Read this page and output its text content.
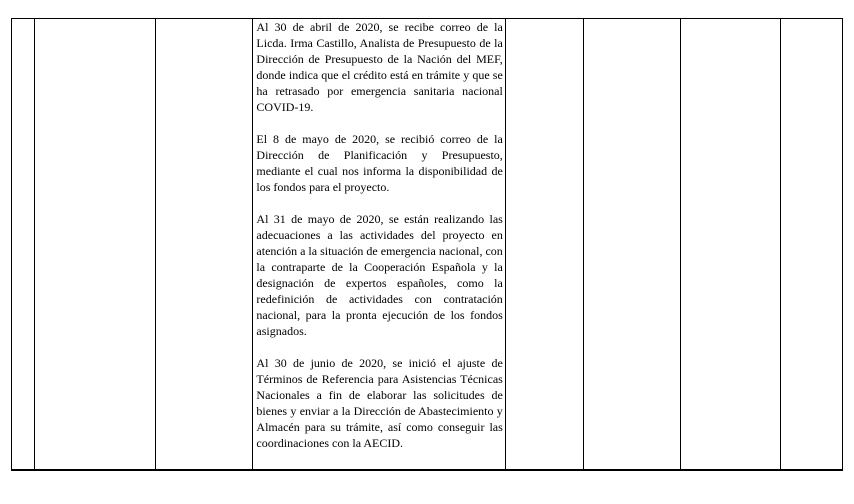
Al 30 de abril de 2020, se recibe correo de la Licda. Irma Castillo, Analista de Presupuesto de la Dirección de Presupuesto de la Nación del MEF, donde indica que el crédito está en trámite y que se ha retrasado por emergencia sanitaria nacional COVID-19.

El 8 de mayo de 2020, se recibió correo de la Dirección de Planificación y Presupuesto, mediante el cual nos informa la disponibilidad de los fondos para el proyecto.

Al 31 de mayo de 2020, se están realizando las adecuaciones a las actividades del proyecto en atención a la situación de emergencia nacional, con la contraparte de la Cooperación Española y la designación de expertos españoles, como la redefinición de actividades con contratación nacional, para la pronta ejecución de los fondos asignados.

Al 30 de junio de 2020, se inició el ajuste de Términos de Referencia para Asistencias Técnicas Nacionales a fin de elaborar las solicitudes de bienes y enviar a la Dirección de Abastecimiento y Almacén para su trámite, así como conseguir las coordinaciones con la AECID.
